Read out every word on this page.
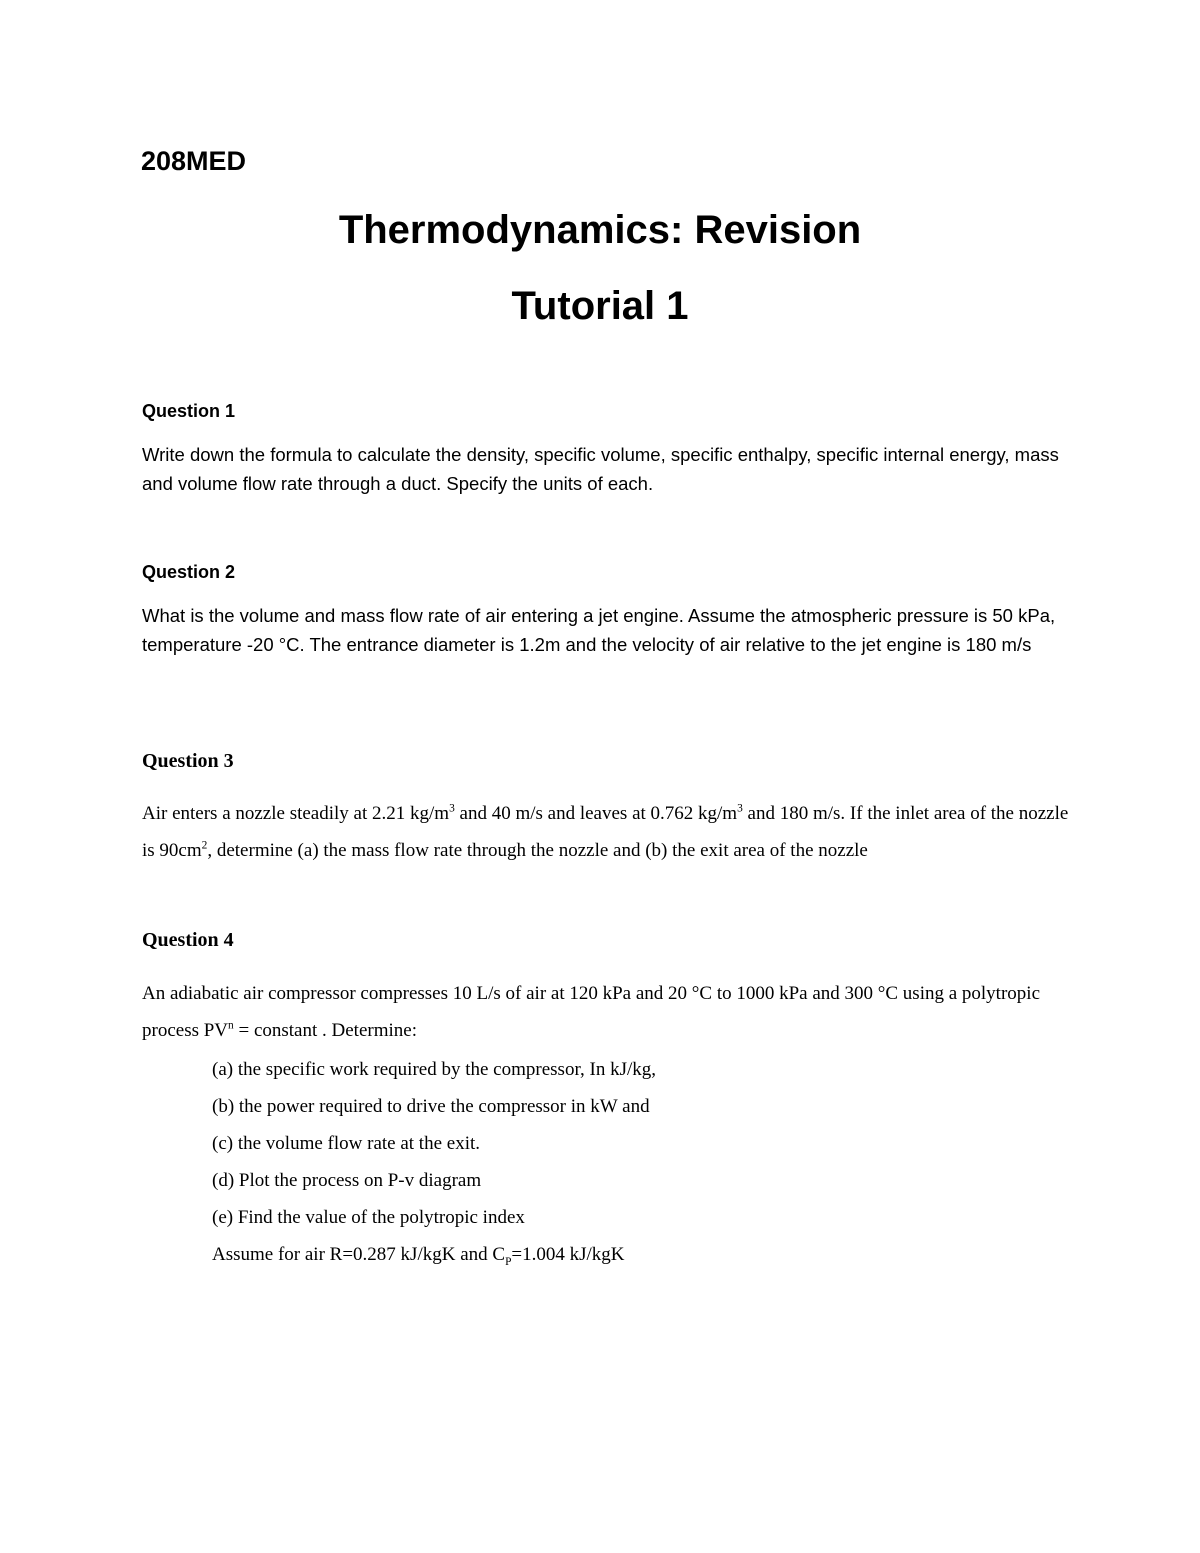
208MED
Thermodynamics: Revision
Tutorial 1
Question 1

Write down the formula to calculate the density, specific volume, specific enthalpy, specific internal energy, mass and volume flow rate through a duct. Specify the units of each.

Question 2

What is the volume and mass flow rate of air entering a jet engine. Assume the atmospheric pressure is 50 kPa, temperature -20 °C. The entrance diameter is 1.2m and the velocity of air relative to the jet engine is 180 m/s

Question 3

Air enters a nozzle steadily at 2.21 $kg/m^3$ and 40 m/s and leaves at 0.762 $kg/m^3$ and 180 m/s. If the inlet area of the nozzle is $90cm^2$, determine (a) the mass flow rate through the nozzle and (b) the exit area of the nozzle

Question 4

An adiabatic air compressor compresses 10 L/s of air at 120 kPa and 20 °C to 1000 kPa and 300 °C using a polytropic process $PV^n$ = constant . Determine:

(a) the specific work required by the compressor, In kJ/kg,
(b) the power required to drive the compressor in kW and
(c) the volume flow rate at the exit.
(d) Plot the process on P-v diagram
(e) Find the value of the polytropic index
Assume for air R=0.287 kJ/kgK and $C_P=1.004$ kJ/kgK
